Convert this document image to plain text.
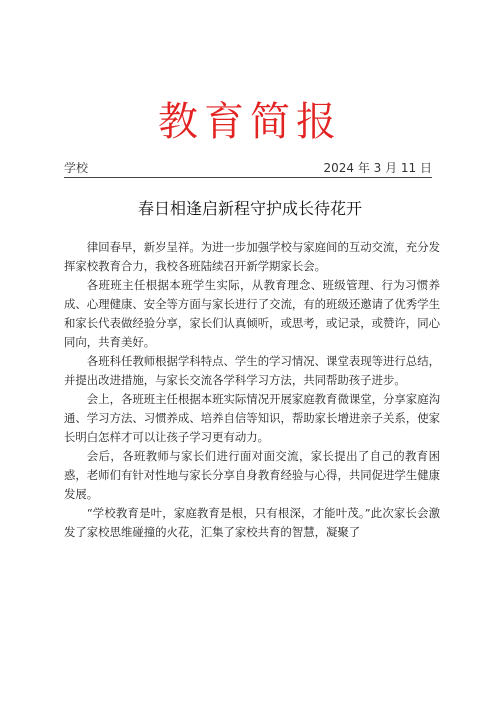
教育简报
学校	2024 年 3 月 11 日
春日相逢启新程守护成长待花开

律回春早，新岁呈祥。为进一步加强学校与家庭间的互动交流，充分发挥家校教育合力，我校各班陆续召开新学期家长会。

各班班主任根据本班学生实际，从教育理念、班级管理、行为习惯养成、心理健康、安全等方面与家长进行了交流，有的班级还邀请了优秀学生和家长代表做经验分享，家长们认真倾听，或思考，或记录，或赞许，同心同向，共育美好。

各班科任教师根据学科特点、学生的学习情况、课堂表现等进行总结，并提出改进措施，与家长交流各学科学习方法，共同帮助孩子进步。

会上，各班班主任根据本班实际情况开展家庭教育微课堂，分享家庭沟通、学习方法、习惯养成、培养自信等知识，帮助家长增进亲子关系，使家长明白怎样才可以让孩子学习更有动力。

会后，各班教师与家长们进行面对面交流，家长提出了自己的教育困惑，老师们有针对性地与家长分享自身教育经验与心得，共同促进学生健康发展。

“学校教育是叶，家庭教育是根，只有根深，才能叶茂。”此次家长会激发了家校思维碰撞的火花，汇集了家校共育的智慧，凝聚了
